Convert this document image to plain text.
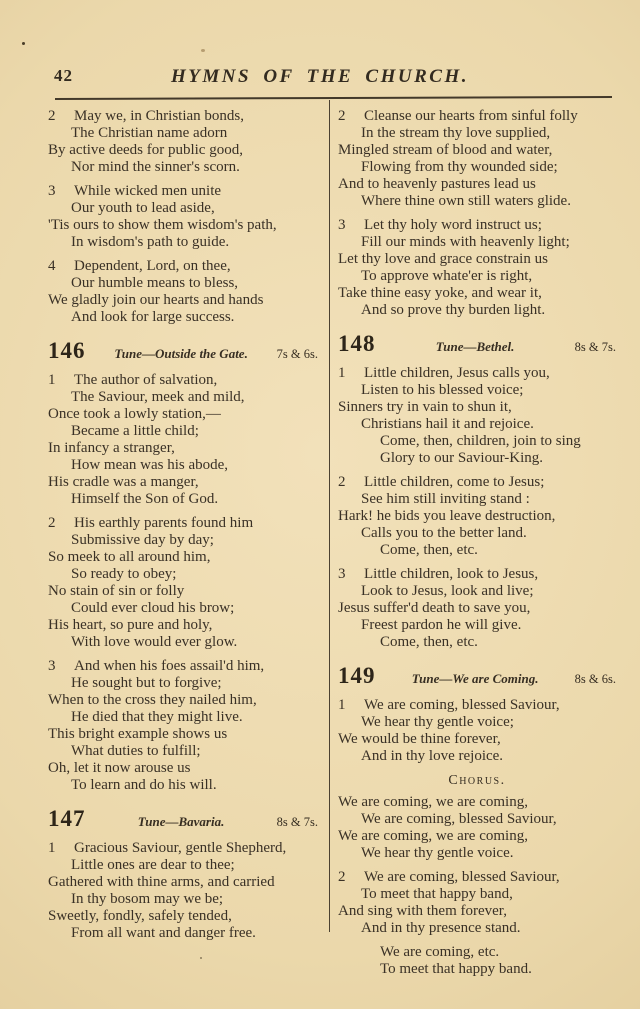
42	HYMNS OF THE CHURCH.
2 May we, in Christian bonds,
The Christian name adorn
By active deeds for public good,
Nor mind the sinner's scorn.
3 While wicked men unite
Our youth to lead aside,
'Tis ours to show them wisdom's path,
In wisdom's path to guide.
4 Dependent, Lord, on thee,
Our humble means to bless,
We gladly join our hearts and hands
And look for large success.
146	Tune—Outside the Gate.	7s & 6s.
1 The author of salvation,
The Saviour, meek and mild,
Once took a lowly station,—
Became a little child;
In infancy a stranger,
How mean was his abode,
His cradle was a manger,
Himself the Son of God.
2 His earthly parents found him
Submissive day by day;
So meek to all around him,
So ready to obey;
No stain of sin or folly
Could ever cloud his brow;
His heart, so pure and holy,
With love would ever glow.
3 And when his foes assail'd him,
He sought but to forgive;
When to the cross they nailed him,
He died that they might live.
This bright example shows us
What duties to fulfill;
Oh, let it now arouse us
To learn and do his will.
147	Tune—Bavaria.	8s & 7s.
1 Gracious Saviour, gentle Shepherd,
Little ones are dear to thee;
Gathered with thine arms, and carried
In thy bosom may we be;
Sweetly, fondly, safely tended,
From all want and danger free.
2 Cleanse our hearts from sinful folly
In the stream thy love supplied,
Mingled stream of blood and water,
Flowing from thy wounded side;
And to heavenly pastures lead us
Where thine own still waters glide.
3 Let thy holy word instruct us;
Fill our minds with heavenly light;
Let thy love and grace constrain us
To approve whate'er is right,
Take thine easy yoke, and wear it,
And so prove thy burden light.
148	Tune—Bethel.	8s & 7s.
1 Little children, Jesus calls you,
Listen to his blessed voice;
Sinners try in vain to shun it,
Christians hail it and rejoice.
Come, then, children, join to sing
Glory to our Saviour-King.
2 Little children, come to Jesus;
See him still inviting stand :
Hark! he bids you leave destruction,
Calls you to the better land.
Come, then, etc.
3 Little children, look to Jesus,
Look to Jesus, look and live;
Jesus suffer'd death to save you,
Freest pardon he will give.
Come, then, etc.
149	Tune—We are Coming.	8s & 6s.
1 We are coming, blessed Saviour,
We hear thy gentle voice;
We would be thine forever,
And in thy love rejoice.
Chorus.
We are coming, we are coming,
We are coming, blessed Saviour,
We are coming, we are coming,
We hear thy gentle voice.
2 We are coming, blessed Saviour,
To meet that happy band,
And sing with them forever,
And in thy presence stand.
We are coming, etc.
To meet that happy band.
